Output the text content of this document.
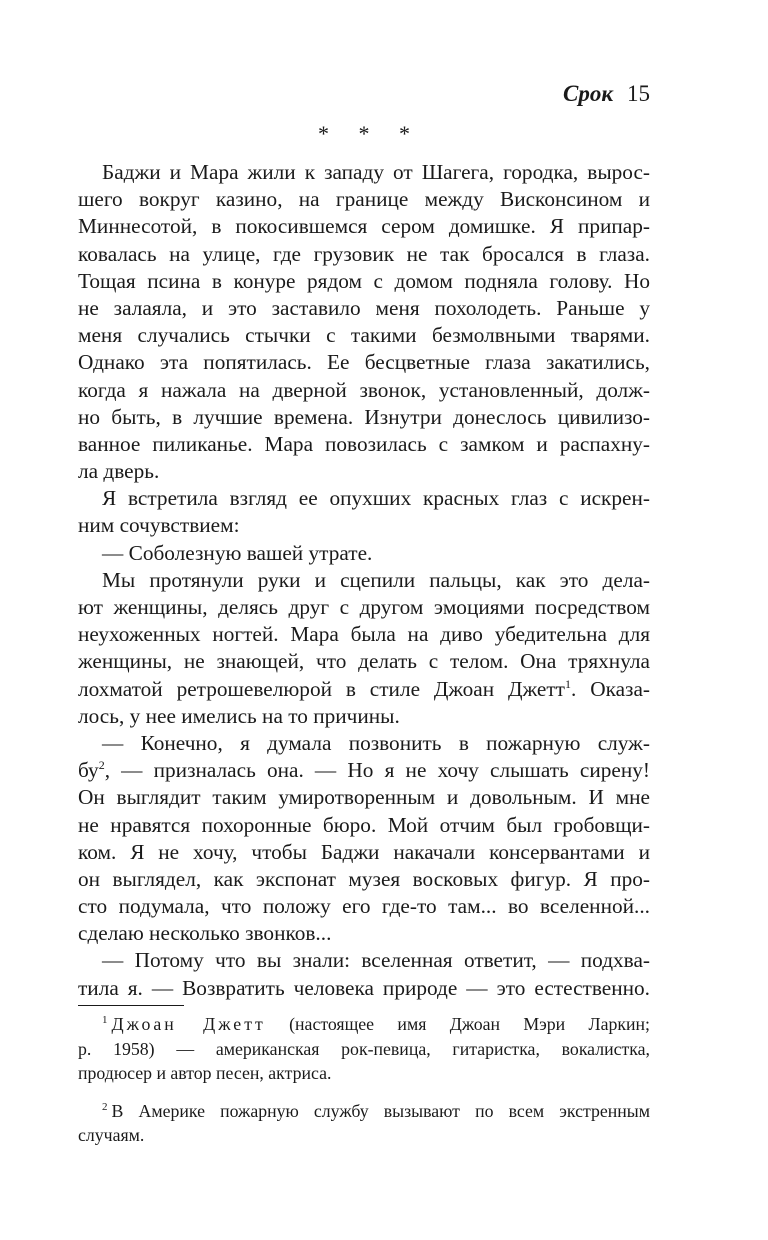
Срок 15
* * *
Баджи и Мара жили к западу от Шагега, городка, вырос-
шего вокруг казино, на границе между Висконсином и
Миннесотой, в покосившемся сером домишке. Я припар-
ковалась на улице, где грузовик не так бросался в глаза.
Тощая псина в конуре рядом с домом подняла голову. Но
не залаяла, и это заставило меня похолодеть. Раньше у
меня случались стычки с такими безмолвными тварями.
Однако эта попятилась. Ее бесцветные глаза закатились,
когда я нажала на дверной звонок, установленный, долж-
но быть, в лучшие времена. Изнутри донеслось цивилизо-
ванное пиликанье. Мара повозилась с замком и распахну-
ла дверь.
Я встретила взгляд ее опухших красных глаз с искрен-
ним сочувствием:
— Соболезную вашей утрате.
Мы протянули руки и сцепили пальцы, как это дела-
ют женщины, делясь друг с другом эмоциями посредством
неухоженных ногтей. Мара была на диво убедительна для
женщины, не знающей, что делать с телом. Она тряхнула
лохматой ретрошевелюрой в стиле Джоан Джетт$^1$. Оказа-
лось, у нее имелись на то причины.
— Конечно, я думала позвонить в пожарную служ-
$бу^2$, — призналась она. — Но я не хочу слышать сирену!
Он выглядит таким умиротворенным и довольным. И мне
не нравятся похоронные бюро. Мой отчим был гробовщи-
ком. Я не хочу, чтобы Баджи накачали консервантами и
он выглядел, как экспонат музея восковых фигур. Я про-
сто подумала, что положу его где-то там... во вселенной...
сделаю несколько звонков...
— Потому что вы знали: вселенная ответит, — подхва-
тила я. — Возвратить человека природе — это естественно.
$^1$ Джоан Джетт (настоящее имя Джоан Мэри Ларкин;
р. 1958) — американская рок-певица, гитаристка, вокалистка,
продюсер и автор песен, актриса.
$^2$ В Америке пожарную службу вызывают по всем экстренным
случаям.
